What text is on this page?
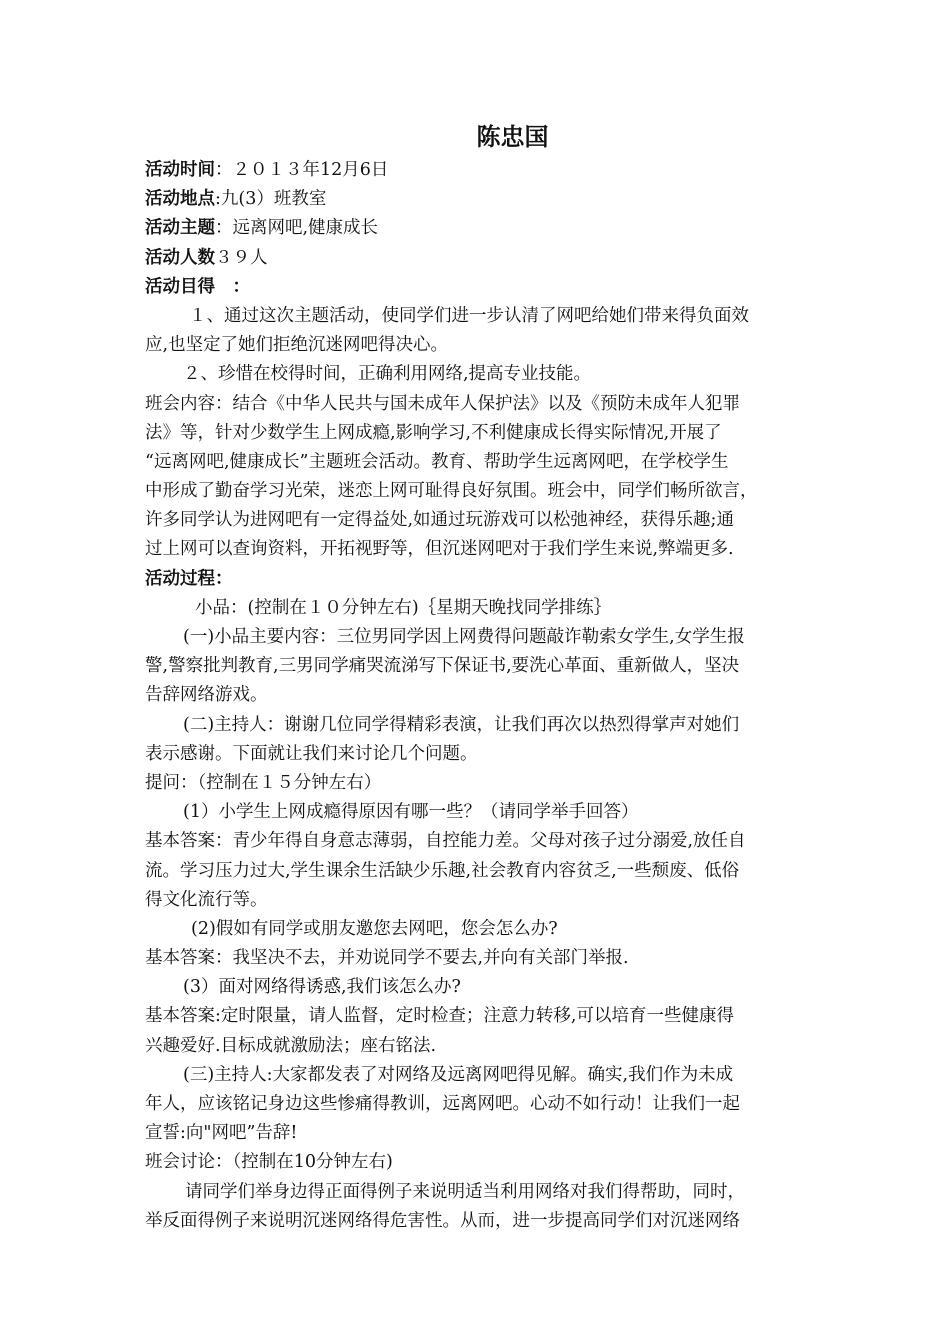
陈忠国
活动时间：２０１３年12月6日
活动地点:九(3）班教室
活动主题：远离网吧,健康成长
活动人数３９人
活动目得　：
１、通过这次主题活动，使同学们进一步认清了网吧给她们带来得负面效
应,也坚定了她们拒绝沉迷网吧得决心。
２、珍惜在校得时间，正确利用网络,提高专业技能。
班会内容：结合《中华人民共与国未成年人保护法》以及《预防未成年人犯罪
法》等，针对少数学生上网成瘾,影响学习,不利健康成长得实际情况,开展了
“远离网吧,健康成长”主题班会活动。教育、帮助学生远离网吧，在学校学生
中形成了勤奋学习光荣，迷恋上网可耻得良好氛围。班会中，同学们畅所欲言，
许多同学认为进网吧有一定得益处,如通过玩游戏可以松弛神经，获得乐趣;通
过上网可以查询资料，开拓视野等，但沉迷网吧对于我们学生来说,弊端更多.
活动过程：
小品：(控制在１０分钟左右)｛星期天晚找同学排练｝
(一)小品主要内容：三位男同学因上网费得问题敲诈勒索女学生,女学生报
警,警察批判教育,三男同学痛哭流涕写下保证书,要洗心革面、重新做人，坚决
告辞网络游戏。
(二)主持人：谢谢几位同学得精彩表演，让我们再次以热烈得掌声对她们
表示感谢。下面就让我们来讨论几个问题。
提问：（控制在１５分钟左右）
(1）小学生上网成瘾得原因有哪一些？（请同学举手回答）
基本答案：青少年得自身意志薄弱，自控能力差。父母对孩子过分溺爱,放任自
流。学习压力过大,学生课余生活缺少乐趣,社会教育内容贫乏,一些颓废、低俗
得文化流行等。
(2)假如有同学或朋友邀您去网吧，您会怎么办?
基本答案：我坚决不去，并劝说同学不要去,并向有关部门举报.
(3）面对网络得诱惑,我们该怎么办?
基本答案:定时限量，请人监督，定时检查；注意力转移,可以培育一些健康得
兴趣爱好.目标成就激励法；座右铭法.
(三)主持人:大家都发表了对网络及远离网吧得见解。确实,我们作为未成
年人，应该铭记身边这些惨痛得教训，远离网吧。心动不如行动！让我们一起
宣誓:向"网吧”告辞!
班会讨论：（控制在10分钟左右)
请同学们举身边得正面得例子来说明适当利用网络对我们得帮助，同时，
举反面得例子来说明沉迷网络得危害性。从而，进一步提高同学们对沉迷网络
